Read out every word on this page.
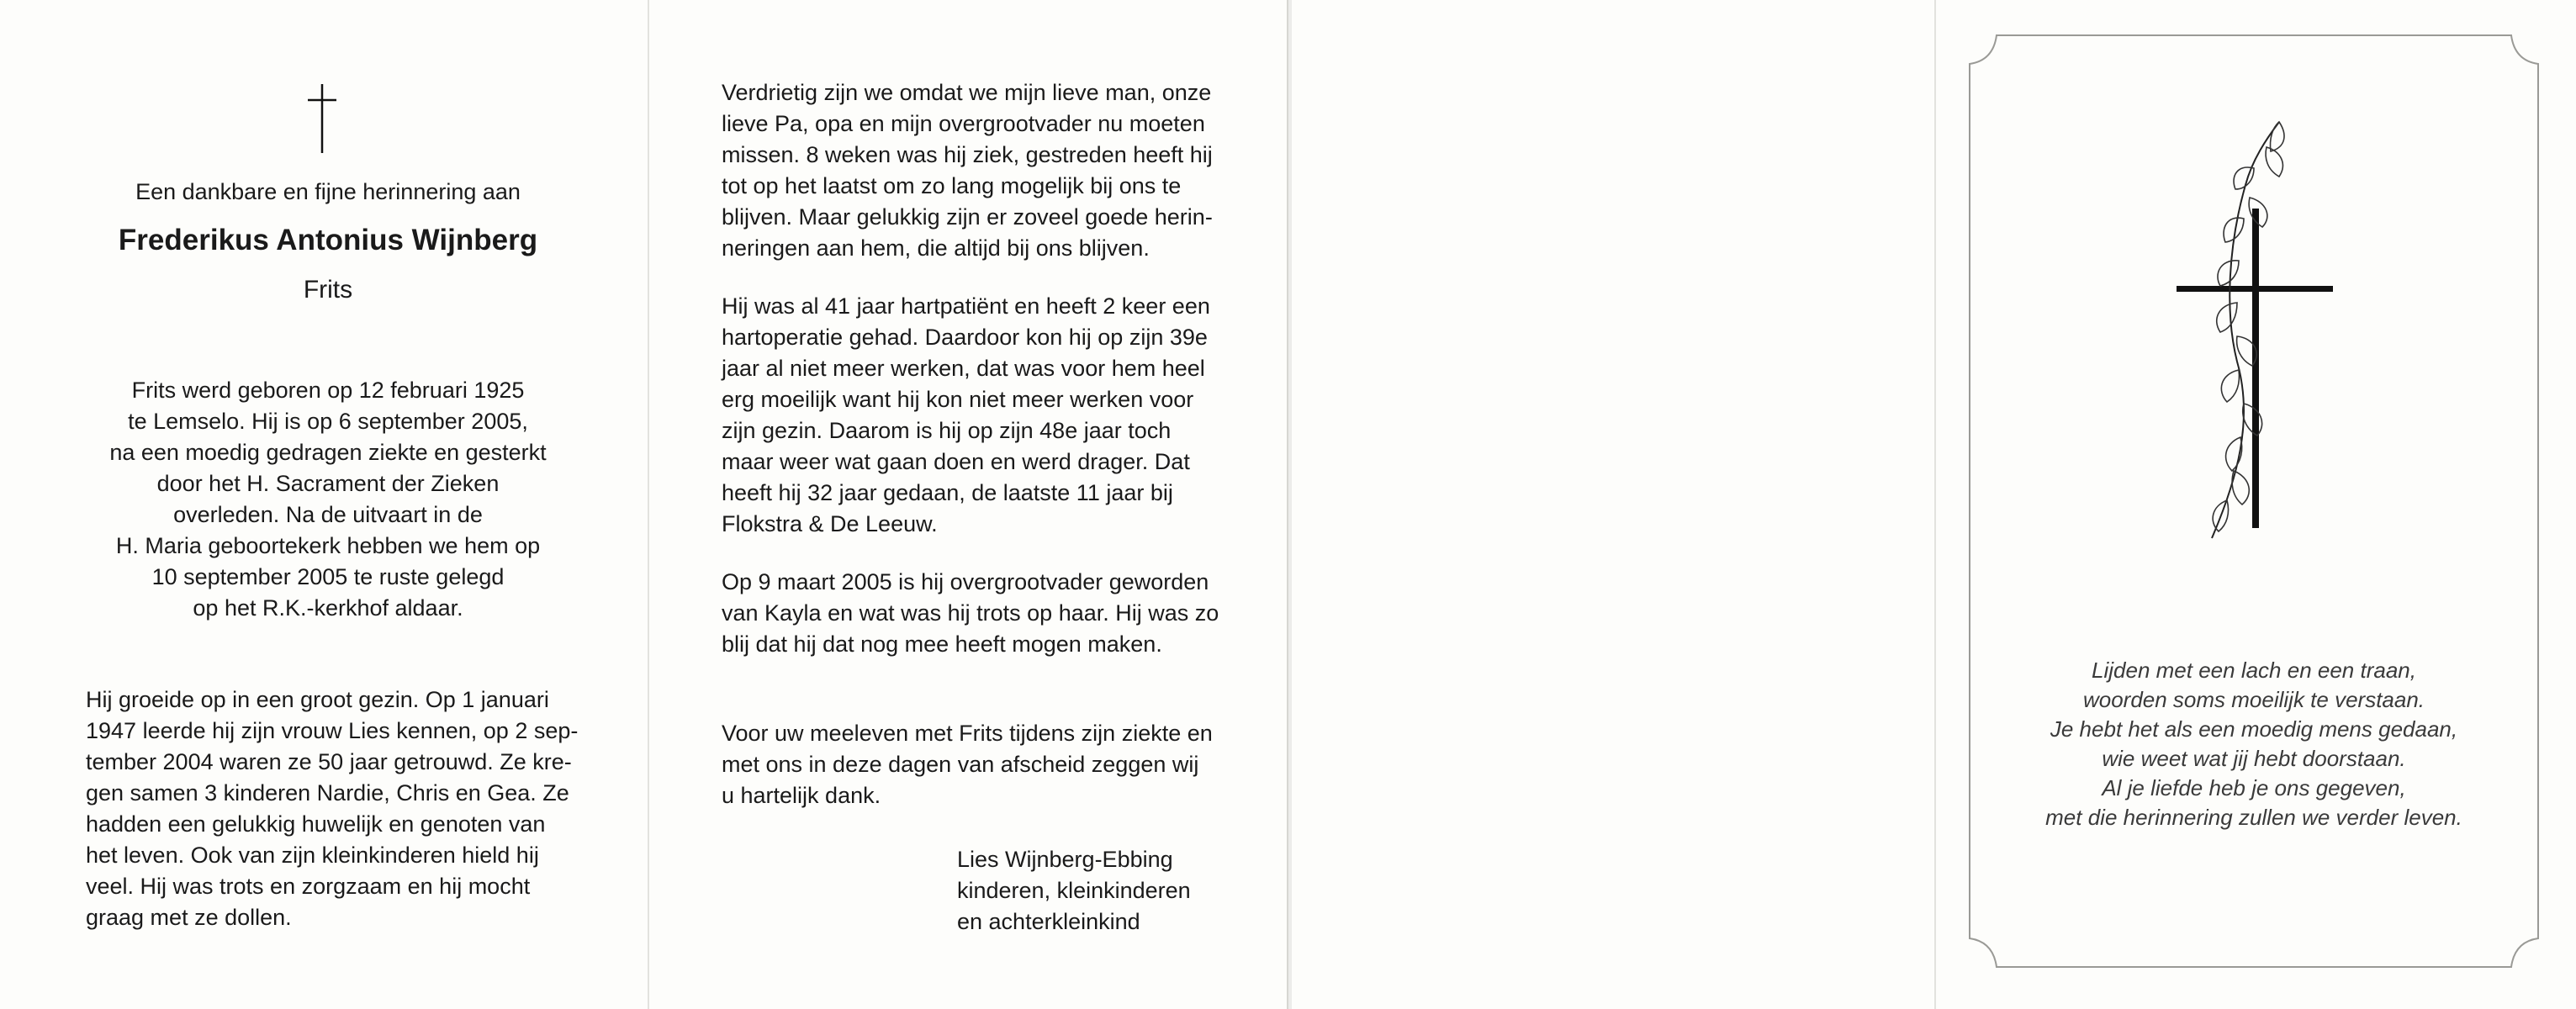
Een dankbare en fijne herinnering aan
Frederikus Antonius Wijnberg
Frits
Frits werd geboren op 12 februari 1925
te Lemselo. Hij is op 6 september 2005,
na een moedig gedragen ziekte en gesterkt
door het H. Sacrament der Zieken
overleden. Na de uitvaart in de
H. Maria geboortekerk hebben we hem op
10 september 2005 te ruste gelegd
op het R.K.-kerkhof aldaar.
Hij groeide op in een groot gezin. Op 1 januari
1947 leerde hij zijn vrouw Lies kennen, op 2 sep-
tember 2004 waren ze 50 jaar getrouwd. Ze kre-
gen samen 3 kinderen Nardie, Chris en Gea. Ze
hadden een gelukkig huwelijk en genoten van
het leven. Ook van zijn kleinkinderen hield hij
veel. Hij was trots en zorgzaam en hij mocht
graag met ze dollen.
Verdrietig zijn we omdat we mijn lieve man, onze
lieve Pa, opa en mijn overgrootvader nu moeten
missen. 8 weken was hij ziek, gestreden heeft hij
tot op het laatst om zo lang mogelijk bij ons te
blijven. Maar gelukkig zijn er zoveel goede herin-
neringen aan hem, die altijd bij ons blijven.
Hij was al 41 jaar hartpatiënt en heeft 2 keer een
hartoperatie gehad. Daardoor kon hij op zijn 39e
jaar al niet meer werken, dat was voor hem heel
erg moeilijk want hij kon niet meer werken voor
zijn gezin. Daarom is hij op zijn 48e jaar toch
maar weer wat gaan doen en werd drager. Dat
heeft hij 32 jaar gedaan, de laatste 11 jaar bij
Flokstra & De Leeuw.
Op 9 maart 2005 is hij overgrootvader geworden
van Kayla en wat was hij trots op haar. Hij was zo
blij dat hij dat nog mee heeft mogen maken.
Voor uw meeleven met Frits tijdens zijn ziekte en
met ons in deze dagen van afscheid zeggen wij
u hartelijk dank.
Lies Wijnberg-Ebbing
kinderen, kleinkinderen
en achterkleinkind
Lijden met een lach en een traan,
woorden soms moeilijk te verstaan.
Je hebt het als een moedig mens gedaan,
wie weet wat jij hebt doorstaan.
Al je liefde heb je ons gegeven,
met die herinnering zullen we verder leven.
